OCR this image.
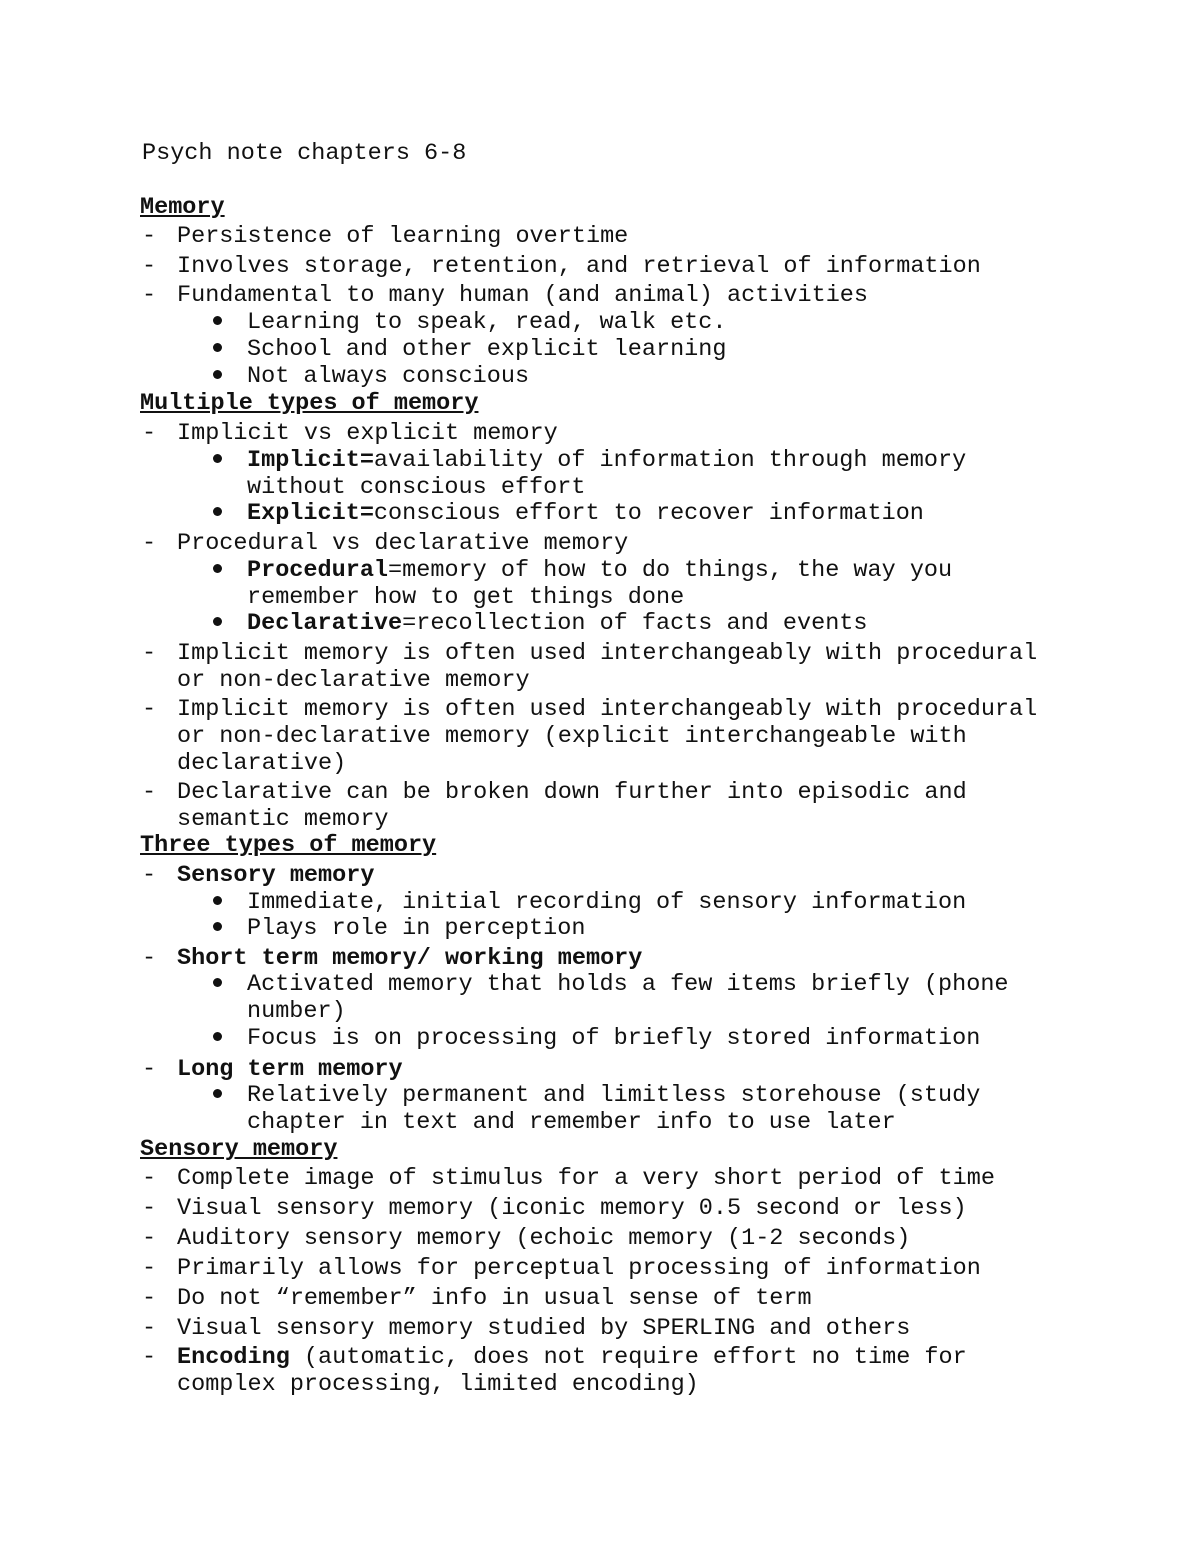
Psych note chapters 6-8
Memory
- Persistence of learning overtime
- Involves storage, retention, and retrieval of information
- Fundamental to many human (and animal) activities
Learning to speak, read, walk etc.
School and other explicit learning
Not always conscious
Multiple types of memory
- Implicit vs explicit memory
Implicit=availability of information through memory
without conscious effort
Explicit=conscious effort to recover information
- Procedural vs declarative memory
Procedural=memory of how to do things, the way you
remember how to get things done
Declarative=recollection of facts and events
- Implicit memory is often used interchangeably with procedural
or non-declarative memory
- Implicit memory is often used interchangeably with procedural
or non-declarative memory (explicit interchangeable with
declarative)
- Declarative can be broken down further into episodic and
semantic memory
Three types of memory
- Sensory memory
Immediate, initial recording of sensory information
Plays role in perception
- Short term memory/ working memory
Activated memory that holds a few items briefly (phone
number)
Focus is on processing of briefly stored information
- Long term memory
Relatively permanent and limitless storehouse (study
chapter in text and remember info to use later
Sensory memory
- Complete image of stimulus for a very short period of time
- Visual sensory memory (iconic memory 0.5 second or less)
- Auditory sensory memory (echoic memory (1-2 seconds)
- Primarily allows for perceptual processing of information
- Do not “remember” info in usual sense of term
- Visual sensory memory studied by SPERLING and others
- Encoding (automatic, does not require effort no time for
complex processing, limited encoding)
